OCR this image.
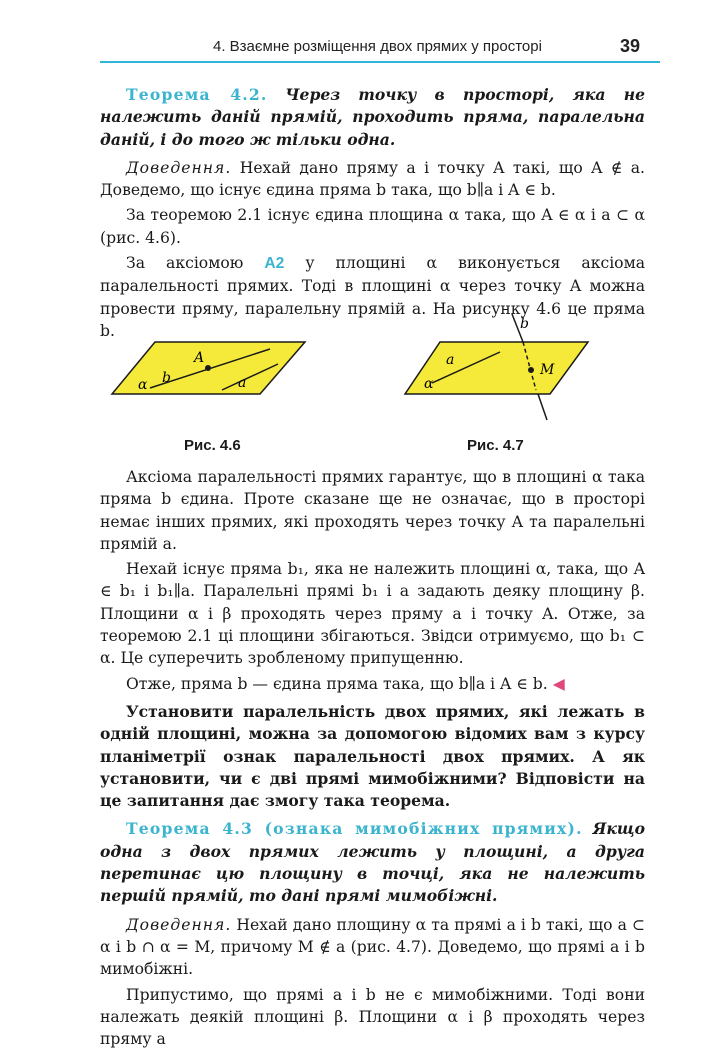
4. Взаємне розміщення двох прямих у просторі	39

Теорема 4.2. Через точку в просторі, яка не належить даній прямій, проходить пряма, паралельна даній, і до того ж тільки одна.

Доведення. Нехай дано пряму a і точку A такі, що A ∉ a. Доведемо, що існує єдина пряма b така, що b∥a і A ∈ b.

За теоремою 2.1 існує єдина площина α така, що A ∈ α і a ⊂ α (рис. 4.6).

За аксіомою A2 у площині α виконується аксіома паралельності прямих. Тоді в площині α через точку A можна провести пряму, паралельну прямій a. На рисунку 4.6 це пряма b.

A
b	a
α
b
a
M
α
Рис. 4.6	Рис. 4.7

Аксіома паралельності прямих гарантує, що в площині α така пряма b єдина. Проте сказане ще не означає, що в просторі немає інших прямих, які проходять через точку A та паралельні прямій a.

Нехай існує пряма b₁, яка не належить площині α, така, що A ∈ b₁ і b₁∥a. Паралельні прямі b₁ і a задають деяку площину β. Площини α і β проходять через пряму a і точку A. Отже, за теоремою 2.1 ці площини збігаються. Звідси отримуємо, що b₁ ⊂ α. Це суперечить зробленому припущенню.

Отже, пряма b — єдина пряма така, що b∥a і A ∈ b. ◀

Установити паралельність двох прямих, які лежать в одній площині, можна за допомогою відомих вам з курсу планіметрії ознак паралельності двох прямих. А як установити, чи є дві прямі мимобіжними? Відповісти на це запитання дає змогу така теорема.

Теорема 4.3 (ознака мимобіжних прямих). Якщо одна з двох прямих лежить у площині, а друга перетинає цю площину в точці, яка не належить першій прямій, то дані прямі мимобіжні.

Доведення. Нехай дано площину α та прямі a і b такі, що a ⊂ α і b ∩ α = M, причому M ∉ a (рис. 4.7). Доведемо, що прямі a і b мимобіжні.

Припустимо, що прямі a і b не є мимобіжними. Тоді вони належать деякій площині β. Площини α і β проходять через пряму a
